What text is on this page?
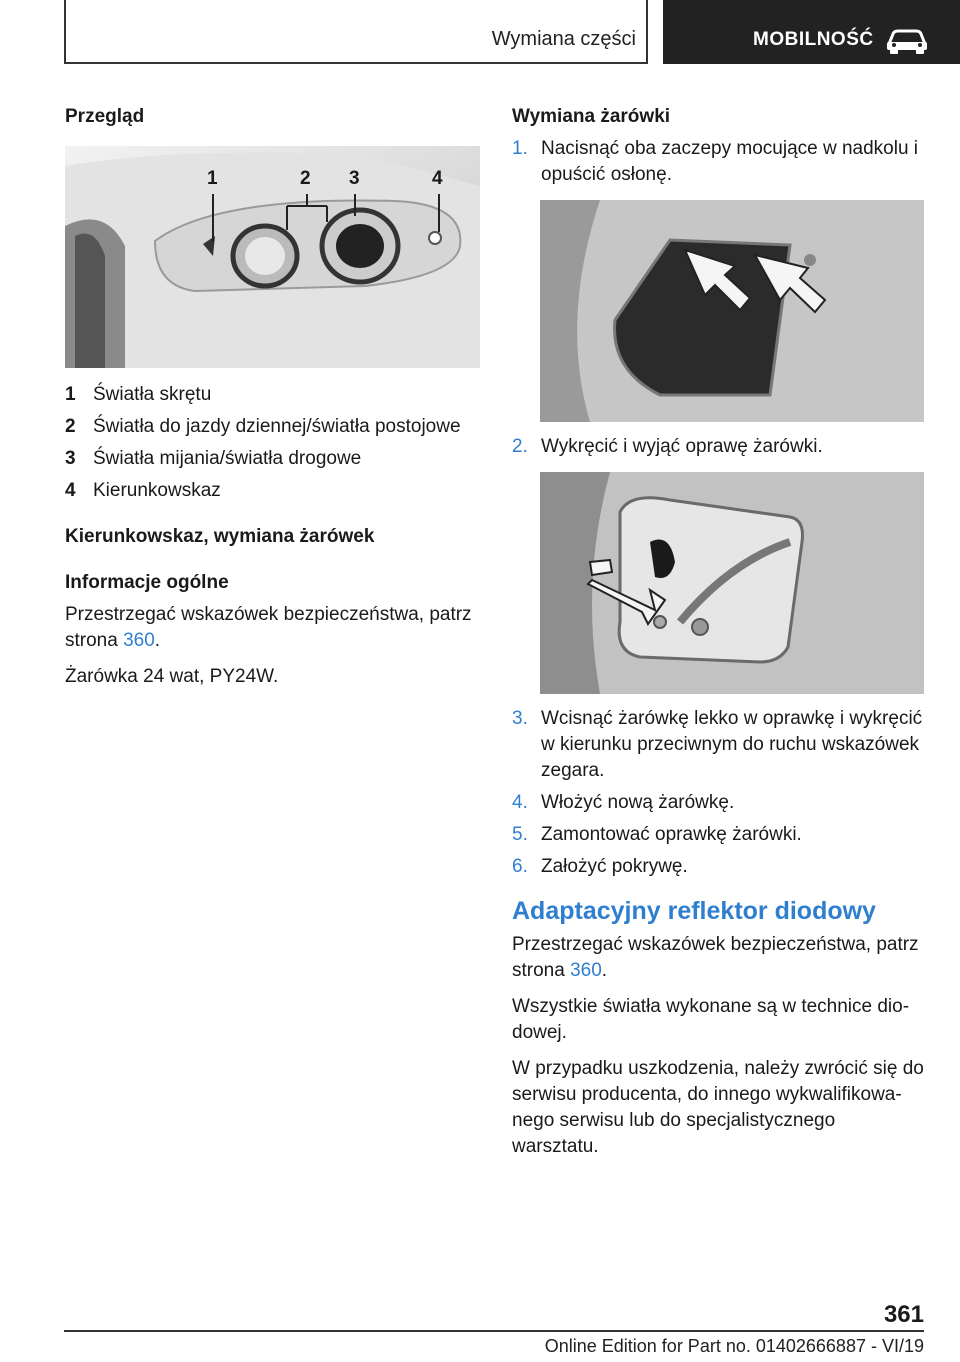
Wymiana części	MOBILNOŚĆ
Przegląd
1	2 3	4
1 Światła skrętu
2 Światła do jazdy dziennej/światła postojowe
3 Światła mijania/światła drogowe
4 Kierunkowskaz
Kierunkowskaz, wymiana żarówek
Informacje ogólne
Przestrzegać wskazówek bezpieczeństwa, patrz strona 360.
Żarówka 24 wat, PY24W.
Wymiana żarówki
1. Nacisnąć oba zaczepy mocujące w nadkolu i opuścić osłonę.
2. Wykręcić i wyjąć oprawę żarówki.
3. Wcisnąć żarówkę lekko w oprawkę i wykręcić w kierunku przeciwnym do ruchu wskazówek zegara.
4. Włożyć nową żarówkę.
5. Zamontować oprawkę żarówki.
6. Założyć pokrywę.
Adaptacyjny reflektor diodowy
Przestrzegać wskazówek bezpieczeństwa, patrz strona 360.
Wszystkie światła wykonane są w technice diodowej.
W przypadku uszkodzenia, należy zwrócić się do serwisu producenta, do innego wykwalifikowanego serwisu lub do specjalistycznego warsztatu.
361
Online Edition for Part no. 01402666887 - VI/19
